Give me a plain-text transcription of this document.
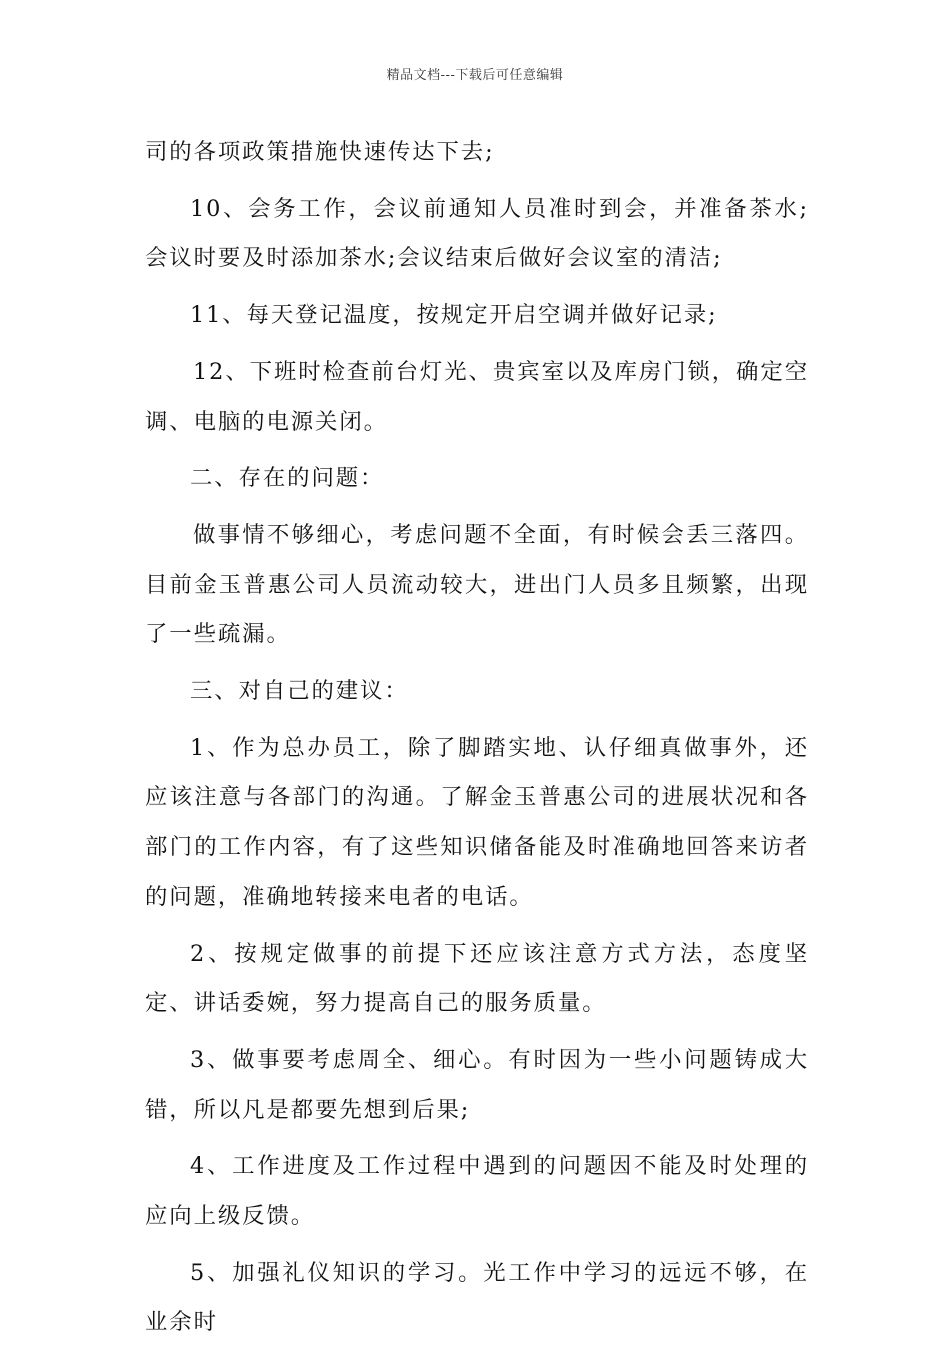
精品文档---下载后可任意编辑

司的各项政策措施快速传达下去;

10、会务工作，会议前通知人员准时到会，并准备茶水;会议时要及时添加茶水;会议结束后做好会议室的清洁;

11、每天登记温度，按规定开启空调并做好记录;

12、下班时检查前台灯光、贵宾室以及库房门锁，确定空调、电脑的电源关闭。

二、存在的问题：

做事情不够细心，考虑问题不全面，有时候会丢三落四。目前金玉普惠公司人员流动较大，进出门人员多且频繁，出现了一些疏漏。

三、对自己的建议：

1、作为总办员工，除了脚踏实地、认仔细真做事外，还应该注意与各部门的沟通。了解金玉普惠公司的进展状况和各部门的工作内容，有了这些知识储备能及时准确地回答来访者的问题，准确地转接来电者的电话。

2、按规定做事的前提下还应该注意方式方法，态度坚定、讲话委婉，努力提高自己的服务质量。

3、做事要考虑周全、细心。有时因为一些小问题铸成大错，所以凡是都要先想到后果;

4、工作进度及工作过程中遇到的问题因不能及时处理的应向上级反馈。

5、加强礼仪知识的学习。光工作中学习的远远不够，在业余时
